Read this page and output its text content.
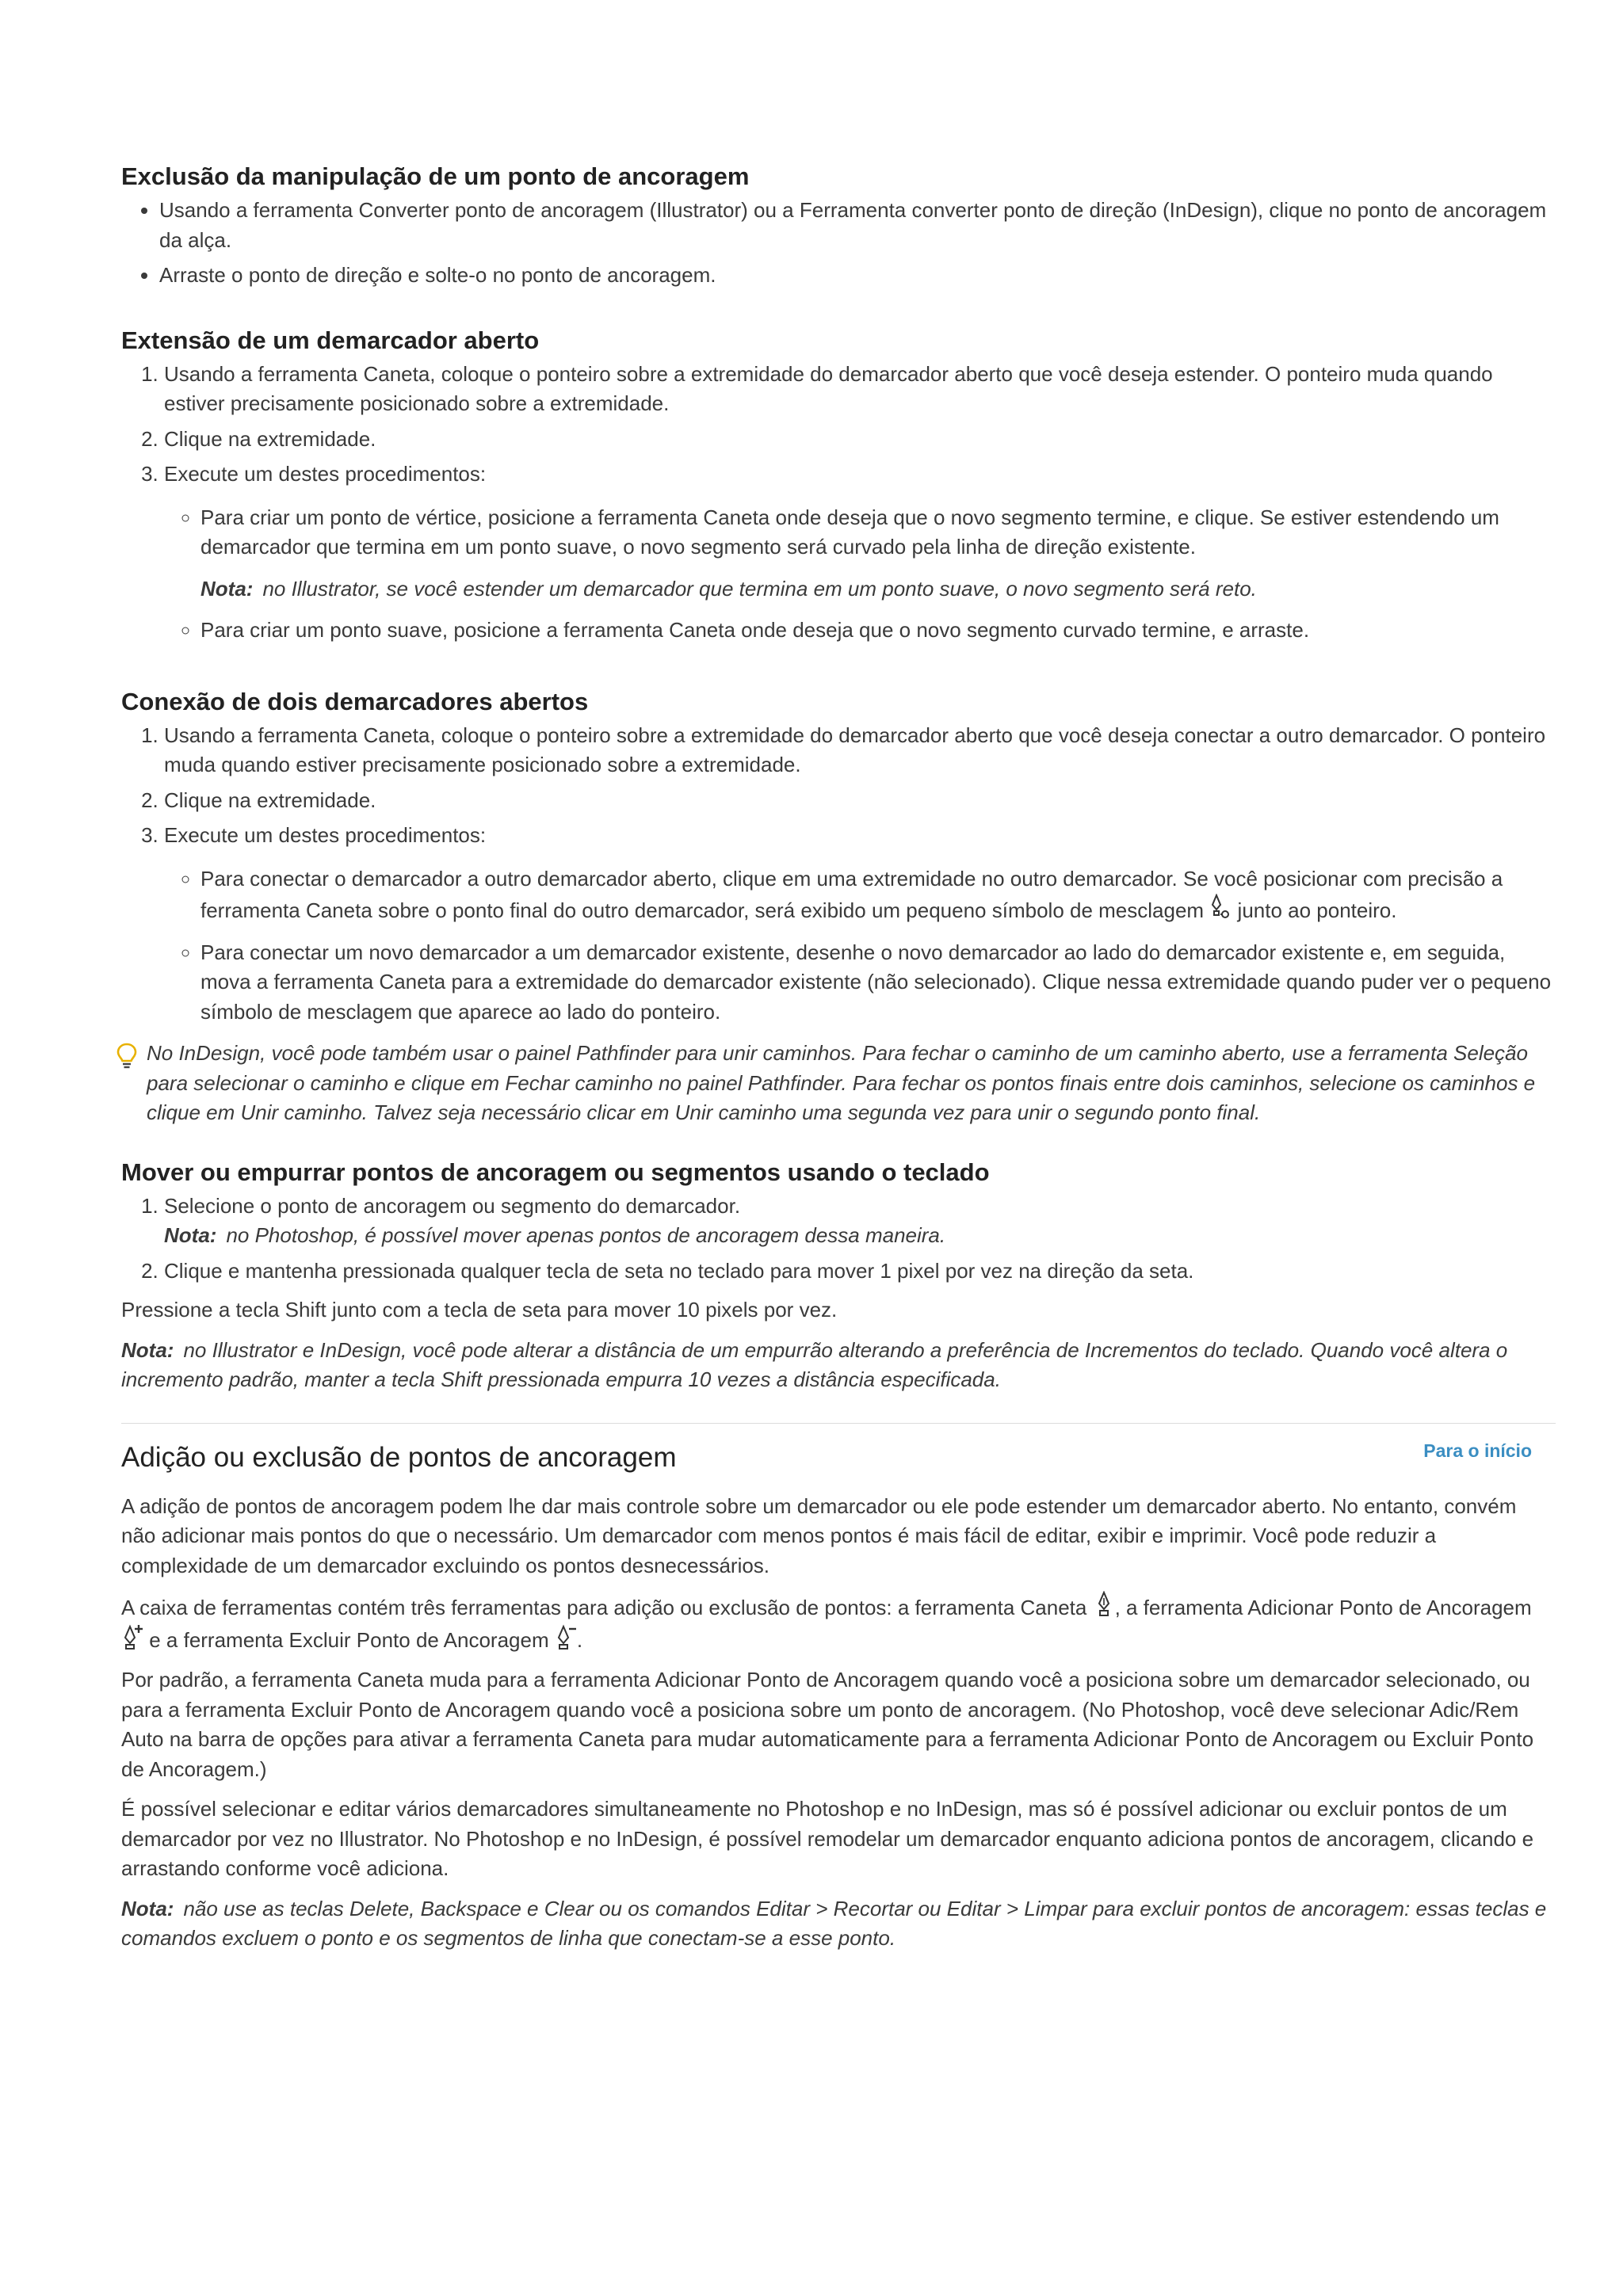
Exclusão da manipulação de um ponto de ancoragem
• Usando a ferramenta Converter ponto de ancoragem (Illustrator) ou a Ferramenta converter ponto de direção (InDesign), clique no ponto de ancoragem da alça.
• Arraste o ponto de direção e solte-o no ponto de ancoragem.
Extensão de um demarcador aberto
1. Usando a ferramenta Caneta, coloque o ponteiro sobre a extremidade do demarcador aberto que você deseja estender. O ponteiro muda quando estiver precisamente posicionado sobre a extremidade.
2. Clique na extremidade.
3. Execute um destes procedimentos:
◦ Para criar um ponto de vértice, posicione a ferramenta Caneta onde deseja que o novo segmento termine, e clique. Se estiver estendendo um demarcador que termina em um ponto suave, o novo segmento será curvado pela linha de direção existente.

Nota: no Illustrator, se você estender um demarcador que termina em um ponto suave, o novo segmento será reto.

◦ Para criar um ponto suave, posicione a ferramenta Caneta onde deseja que o novo segmento curvado termine, e arraste.
Conexão de dois demarcadores abertos
1. Usando a ferramenta Caneta, coloque o ponteiro sobre a extremidade do demarcador aberto que você deseja conectar a outro demarcador. O ponteiro muda quando estiver precisamente posicionado sobre a extremidade.
2. Clique na extremidade.
3. Execute um destes procedimentos:
◦ Para conectar o demarcador a outro demarcador aberto, clique em uma extremidade no outro demarcador. Se você posicionar com precisão a ferramenta Caneta sobre o ponto final do outro demarcador, será exibido um pequeno símbolo de mesclagem  junto ao ponteiro.
◦ Para conectar um novo demarcador a um demarcador existente, desenhe o novo demarcador ao lado do demarcador existente e, em seguida, mova a ferramenta Caneta para a extremidade do demarcador existente (não selecionado). Clique nessa extremidade quando puder ver o pequeno símbolo de mesclagem que aparece ao lado do ponteiro.
No InDesign, você pode também usar o painel Pathfinder para unir caminhos. Para fechar o caminho de um caminho aberto, use a ferramenta Seleção para selecionar o caminho e clique em Fechar caminho no painel Pathfinder. Para fechar os pontos finais entre dois caminhos, selecione os caminhos e clique em Unir caminho. Talvez seja necessário clicar em Unir caminho uma segunda vez para unir o segundo ponto final.
Mover ou empurrar pontos de ancoragem ou segmentos usando o teclado
1. Selecione o ponto de ancoragem ou segmento do demarcador.

Nota: no Photoshop, é possível mover apenas pontos de ancoragem dessa maneira.

2. Clique e mantenha pressionada qualquer tecla de seta no teclado para mover 1 pixel por vez na direção da seta.

Pressione a tecla Shift junto com a tecla de seta para mover 10 pixels por vez.

Nota: no Illustrator e InDesign, você pode alterar a distância de um empurrão alterando a preferência de Incrementos do teclado. Quando você altera o incremento padrão, manter a tecla Shift pressionada empurra 10 vezes a distância especificada.

Adição ou exclusão de pontos de ancoragem	Para o início

A adição de pontos de ancoragem podem lhe dar mais controle sobre um demarcador ou ele pode estender um demarcador aberto. No entanto, convém não adicionar mais pontos do que o necessário. Um demarcador com menos pontos é mais fácil de editar, exibir e imprimir. Você pode reduzir a complexidade de um demarcador excluindo os pontos desnecessários.

A caixa de ferramentas contém três ferramentas para adição ou exclusão de pontos: a ferramenta Caneta , a ferramenta Adicionar Ponto de Ancoragem  e a ferramenta Excluir Ponto de Ancoragem .

Por padrão, a ferramenta Caneta muda para a ferramenta Adicionar Ponto de Ancoragem quando você a posiciona sobre um demarcador selecionado, ou para a ferramenta Excluir Ponto de Ancoragem quando você a posiciona sobre um ponto de ancoragem. (No Photoshop, você deve selecionar Adic/Rem Auto na barra de opções para ativar a ferramenta Caneta para mudar automaticamente para a ferramenta Adicionar Ponto de Ancoragem ou Excluir Ponto de Ancoragem.)

É possível selecionar e editar vários demarcadores simultaneamente no Photoshop e no InDesign, mas só é possível adicionar ou excluir pontos de um demarcador por vez no Illustrator. No Photoshop e no InDesign, é possível remodelar um demarcador enquanto adiciona pontos de ancoragem, clicando e arrastando conforme você adiciona.

Nota: não use as teclas Delete, Backspace e Clear ou os comandos Editar > Recortar ou Editar > Limpar para excluir pontos de ancoragem: essas teclas e comandos excluem o ponto e os segmentos de linha que conectam-se a esse ponto.
